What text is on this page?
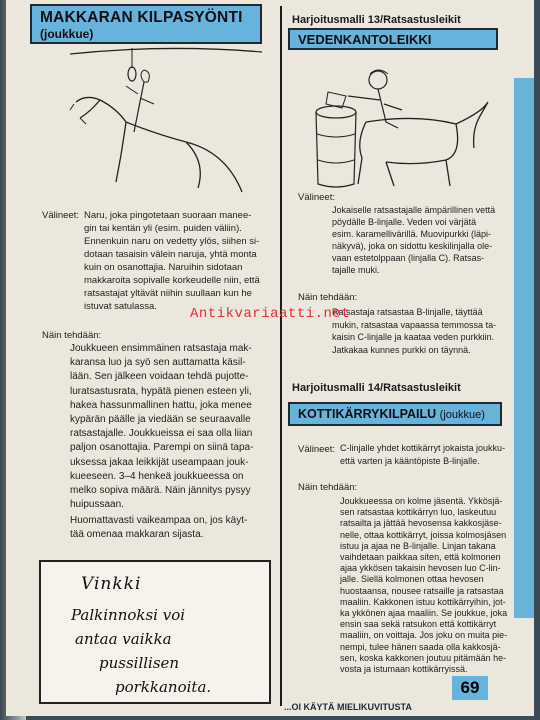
MAKKARAN KILPASYÖNTI
(joukkue)
Välineet: Naru, joka pingotetaan suoraan manee-
gin tai kentän yli (esim. puiden väliin).
Ennenkuin naru on vedetty ylös, siihen si-
dotaan tasaisin välein naruja, yhtä monta
kuin on osanottajia. Naruihin sidotaan
makkaroita sopivalle korkeudelle niin, että
ratsastajat yltävät niihin suullaan kun he
istuvat satulassa.
Näin tehdään:
Joukkueen ensimmäinen ratsastaja mak-
karansa luo ja syö sen auttamatta käsil-
lään. Sen jälkeen voidaan tehdä pujotte-
luratsastusrata, hypätä pienen esteen yli,
hakea hassunmallinen hattu, joka menee
kypärän päälle ja viedään se seuraavalle
ratsastajalle. Joukkueissa ei saa olla liian
paljon osanottajia. Parempi on siinä tapa-
uksessa jakaa leikkijät useampaan jouk-
kueeseen. 3–4 henkeä joukkueessa on
melko sopiva määrä. Näin jännitys pysyy
huipussaan.
Huomattavasti vaikeampaa on, jos käyt-
tää omenaa makkaran sijasta.
Vinkki
Palkinnoksi voi
antaa vaikka
pussillisen
porkkanoita.
Harjoitusmalli 13/Ratsastusleikit
VEDENKANTOLEIKKI
Välineet:
Jokaiselle ratsastajalle ämpärillinen vettä
pöydälle B-linjalle. Veden voi värjätä
esim. karamellivärillä. Muovipurkki (läpi-
näkyvä), joka on sidottu keskilinjalla ole-
vaan estetolppaan (linjalla C). Ratsas-
tajalle muki.
Näin tehdään:
Ratsastaja ratsastaa B-linjalle, täyttää
mukin, ratsastaa vapaassa temmossa ta-
kaisin C-linjalle ja kaataa veden purkkiin.
Jatkakaa kunnes purkki on täynnä.
Harjoitusmalli 14/Ratsastusleikit
KOTTIKÄRRYKILPAILU (joukkue)
Välineet: C-linjalle yhdet kottikärryt jokaista joukku-
että varten ja kääntöpiste B-linjalle.
Näin tehdään:
Joukkueessa on kolme jäsentä. Ykkösjä-
sen ratsastaa kottikärryn luo, laskeutuu
ratsailta ja jättää hevosensa kakkosjäse-
nelle, ottaa kottikärryt, joissa kolmosjäsen
istuu ja ajaa ne B-linjalle. Linjan takana
vaihdetaan paikkaa siten, että kolmonen
ajaa ykkösen takaisin hevosen luo C-lin-
jalle. Siellä kolmonen ottaa hevosen
huostaansa, nousee ratsaille ja ratsastaa
maaliin. Kakkonen istuu kottikärryihin, jot-
ka ykkönen ajaa maaliin. Se joukkue, joka
ensin saa sekä ratsukon että kottikärryt
maaliin, on voittaja. Jos joku on muita pie-
nempi, tulee hänen saada olla kakkosjä-
sen, koska kakkonen joutuu pitämään he-
vosta ja istumaan kottikärryissä.
69
...OI KÄYTÄ MIELIKUVITUSTA
Antikvariaatti.net
